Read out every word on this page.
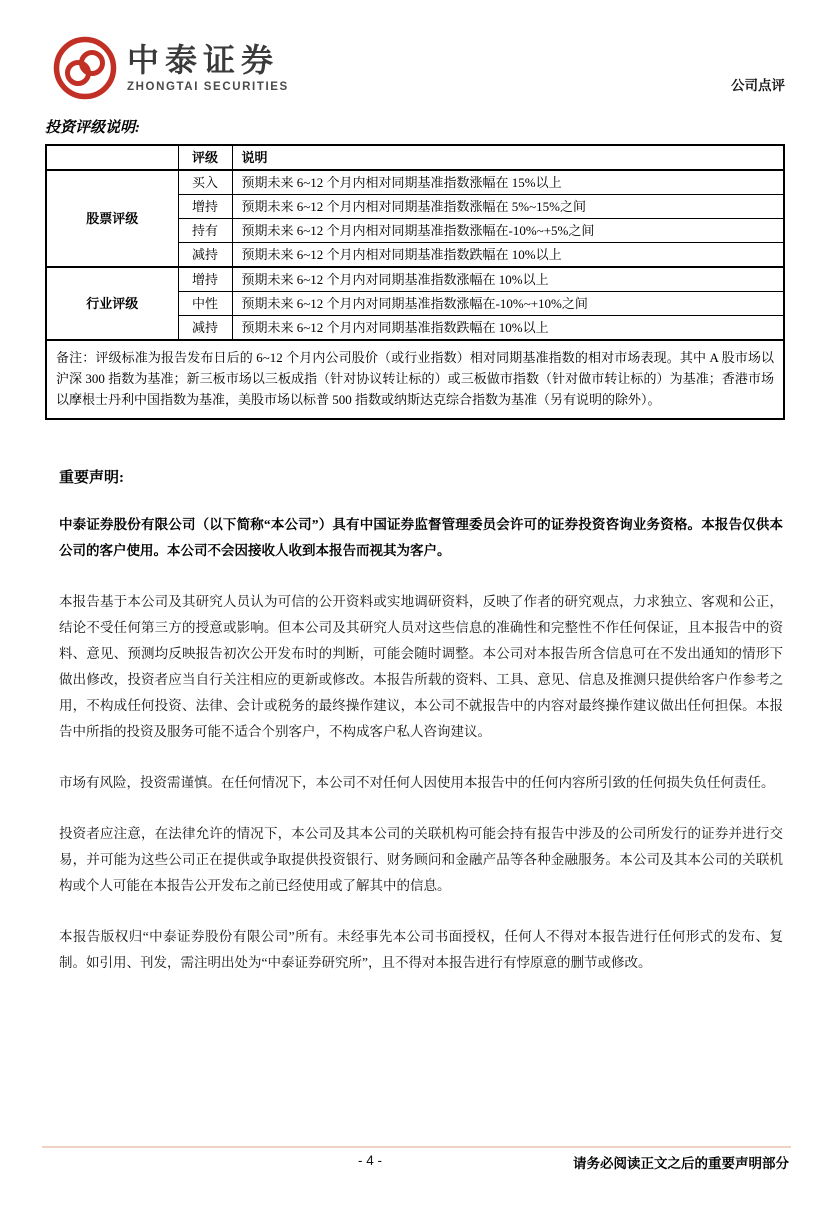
中泰证券
ZHONGTAI SECURITIES	公司点评
投资评级说明:
	评级	说明
股票评级	买入	预期未来 6~12 个月内相对同期基准指数涨幅在 15%以上
	增持	预期未来 6~12 个月内相对同期基准指数涨幅在 5%~15%之间
	持有	预期未来 6~12 个月内相对同期基准指数涨幅在-10%~+5%之间
	减持	预期未来 6~12 个月内相对同期基准指数跌幅在 10%以上
行业评级	增持	预期未来 6~12 个月内对同期基准指数涨幅在 10%以上
	中性	预期未来 6~12 个月内对同期基准指数涨幅在-10%~+10%之间
	减持	预期未来 6~12 个月内对同期基准指数跌幅在 10%以上
备注：评级标准为报告发布日后的 6~12 个月内公司股价（或行业指数）相对同期基准指数的相对市场表现。其中 A 股市场以沪深 300 指数为基准；新三板市场以三板成指（针对协议转让标的）或三板做市指数（针对做市转让标的）为基准；香港市场以摩根士丹利中国指数为基准，美股市场以标普 500 指数或纳斯达克综合指数为基准（另有说明的除外）。		
重要声明:

中泰证券股份有限公司（以下简称“本公司”）具有中国证券监督管理委员会许可的证券投资咨询业务资格。本报告仅供本公司的客户使用。本公司不会因接收人收到本报告而视其为客户。

本报告基于本公司及其研究人员认为可信的公开资料或实地调研资料，反映了作者的研究观点，力求独立、客观和公正，结论不受任何第三方的授意或影响。但本公司及其研究人员对这些信息的准确性和完整性不作任何保证，且本报告中的资料、意见、预测均反映报告初次公开发布时的判断，可能会随时调整。本公司对本报告所含信息可在不发出通知的情形下做出修改，投资者应当自行关注相应的更新或修改。本报告所载的资料、工具、意见、信息及推测只提供给客户作参考之用，不构成任何投资、法律、会计或税务的最终操作建议，本公司不就报告中的内容对最终操作建议做出任何担保。本报告中所指的投资及服务可能不适合个别客户，不构成客户私人咨询建议。

市场有风险，投资需谨慎。在任何情况下，本公司不对任何人因使用本报告中的任何内容所引致的任何损失负任何责任。

投资者应注意，在法律允许的情况下，本公司及其本公司的关联机构可能会持有报告中涉及的公司所发行的证券并进行交易，并可能为这些公司正在提供或争取提供投资银行、财务顾问和金融产品等各种金融服务。本公司及其本公司的关联机构或个人可能在本报告公开发布之前已经使用或了解其中的信息。

本报告版权归“中泰证券股份有限公司”所有。未经事先本公司书面授权，任何人不得对本报告进行任何形式的发布、复制。如引用、刊发，需注明出处为“中泰证券研究所”，且不得对本报告进行有悖原意的删节或修改。

- 4 -	请务必阅读正文之后的重要声明部分
